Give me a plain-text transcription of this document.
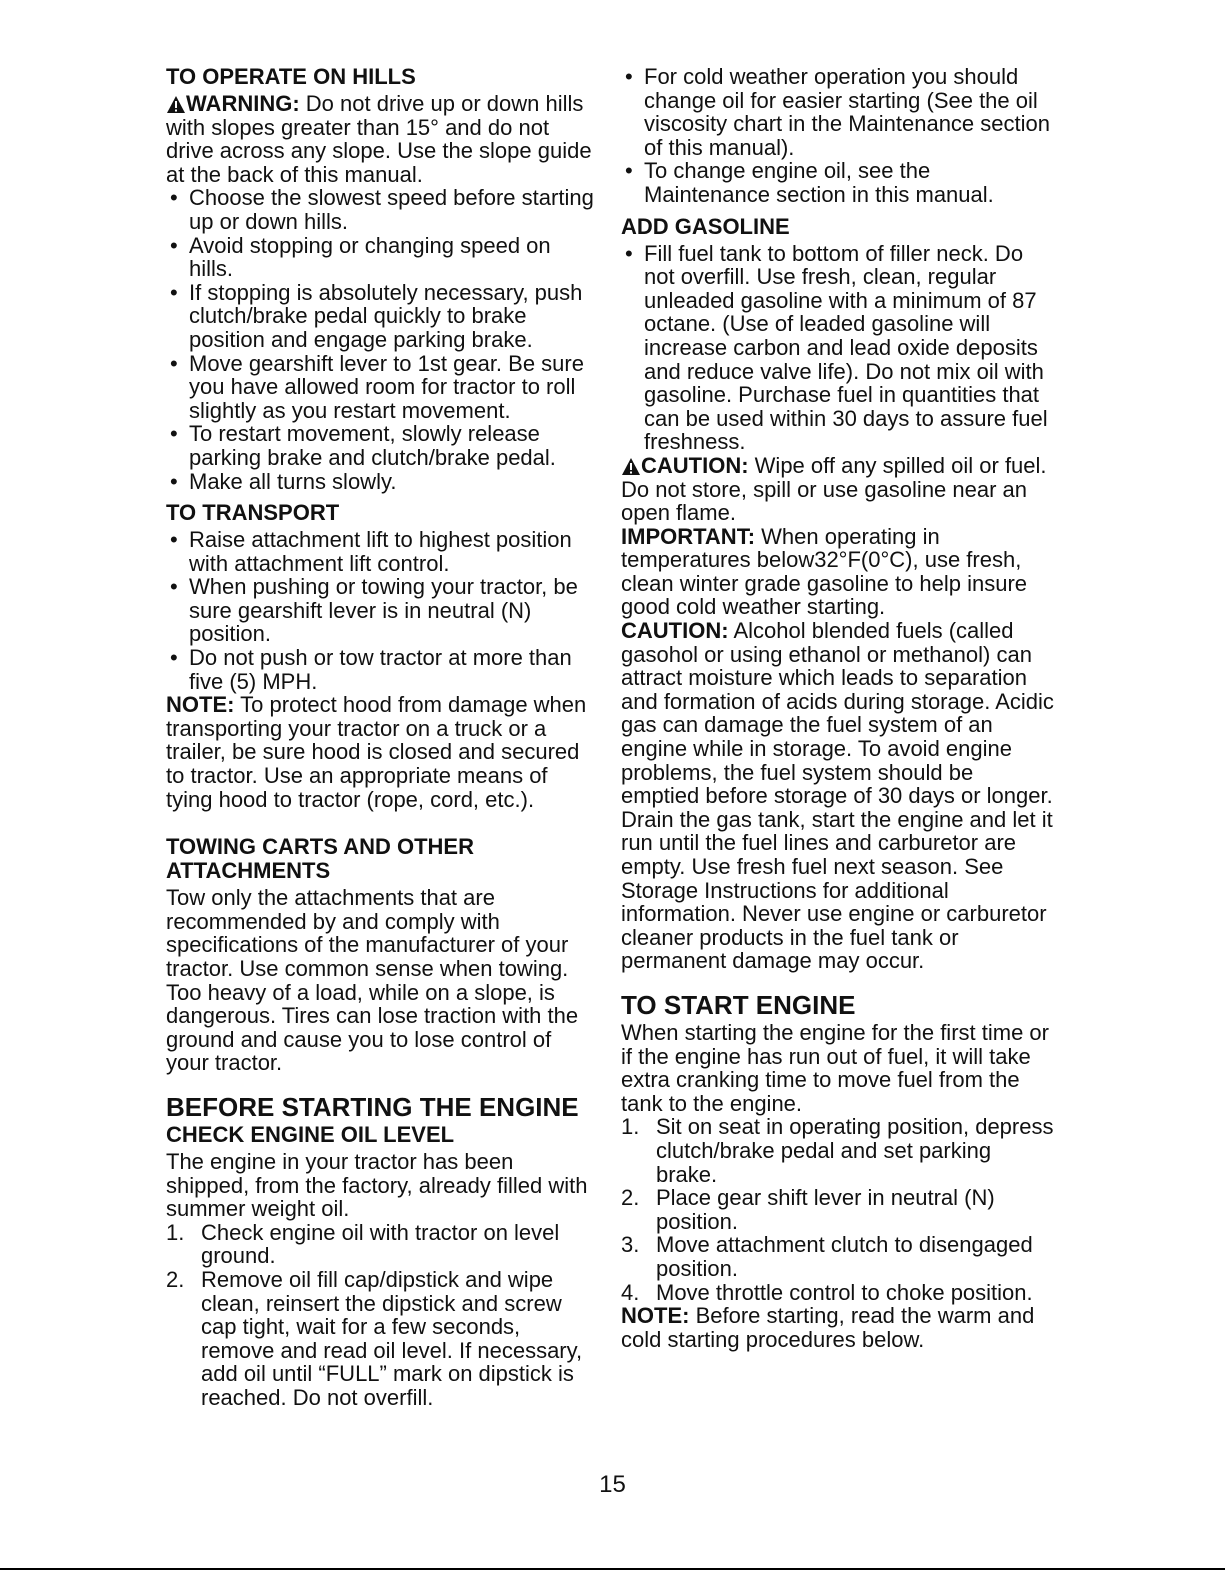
TO OPERATE ON HILLS

WARNING: Do not drive up or down hills with slopes greater than 15° and do not drive across any slope. Use the slope guide at the back of this manual.

• Choose the slowest speed before starting up or down hills.
• Avoid stopping or changing speed on hills.
• If stopping is absolutely necessary, push clutch/brake pedal quickly to brake position and engage parking brake.
• Move gearshift lever to 1st gear. Be sure you have allowed room for tractor to roll slightly as you restart movement.
• To restart movement, slowly release parking brake and clutch/brake pedal.
• Make all turns slowly.
TO TRANSPORT
• Raise attachment lift to highest position with attachment lift control.
• When pushing or towing your tractor, be sure gearshift lever is in neutral (N) position.
• Do not push or tow tractor at more than five (5) MPH.

NOTE: To protect hood from damage when transporting your tractor on a truck or a trailer, be sure hood is closed and secured to tractor. Use an appropriate means of tying hood to tractor (rope, cord, etc.).

TOWING CARTS AND OTHER ATTACHMENTS

Tow only the attachments that are recommended by and comply with specifications of the manufacturer of your tractor. Use common sense when towing. Too heavy of a load, while on a slope, is dangerous. Tires can lose traction with the ground and cause you to lose control of your tractor.

BEFORE STARTING THE ENGINE
CHECK ENGINE OIL LEVEL

The engine in your tractor has been shipped, from the factory, already filled with summer weight oil.

1. Check engine oil with tractor on level ground.
2. Remove oil fill cap/dipstick and wipe clean, reinsert the dipstick and screw cap tight, wait for a few seconds, remove and read oil level. If necessary, add oil until “FULL” mark on dipstick is reached. Do not overfill.
• For cold weather operation you should change oil for easier starting (See the oil viscosity chart in the Maintenance section of this manual).
• To change engine oil, see the Maintenance section in this manual.
ADD GASOLINE
• Fill fuel tank to bottom of filler neck. Do not overfill. Use fresh, clean, regular unleaded gasoline with a minimum of 87 octane. (Use of leaded gasoline will increase carbon and lead oxide deposits and reduce valve life). Do not mix oil with gasoline. Purchase fuel in quantities that can be used within 30 days to assure fuel freshness.

CAUTION: Wipe off any spilled oil or fuel. Do not store, spill or use gasoline near an open flame.

IMPORTANT: When operating in temperatures below32°F(0°C), use fresh, clean winter grade gasoline to help insure good cold weather starting.

CAUTION: Alcohol blended fuels (called gasohol or using ethanol or methanol) can attract moisture which leads to separation and formation of acids during storage. Acidic gas can damage the fuel system of an engine while in storage. To avoid engine problems, the fuel system should be emptied before storage of 30 days or longer. Drain the gas tank, start the engine and let it run until the fuel lines and carburetor are empty. Use fresh fuel next season. See Storage Instructions for additional information. Never use engine or carburetor cleaner products in the fuel tank or permanent damage may occur.

TO START ENGINE

When starting the engine for the first time or if the engine has run out of fuel, it will take extra cranking time to move fuel from the tank to the engine.

1. Sit on seat in operating position, depress clutch/brake pedal and set parking brake.
2. Place gear shift lever in neutral (N) position.
3. Move attachment clutch to disengaged position.
4. Move throttle control to choke position.

NOTE: Before starting, read the warm and cold starting procedures below.

15
